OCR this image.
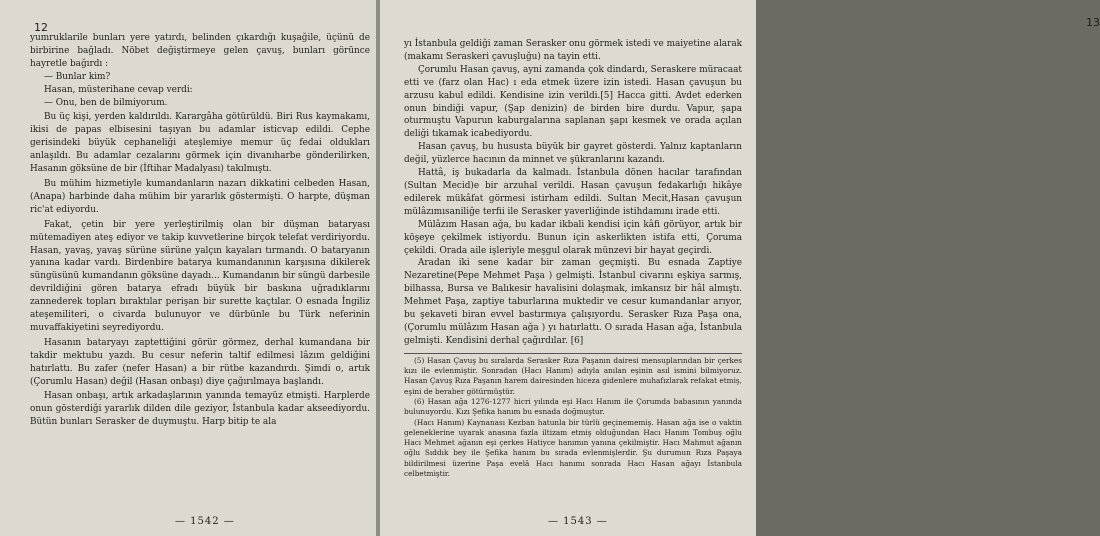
12

yumruklarile bunları yere yatırdı, belinden çıkardığı kuşağile, üçünü de birbirine bağladı. Nöbet değiştirmeye gelen çavuş, bunları görünce hayretle bağırdı :

— Bunlar kim?

Hasan, müsterihane cevap verdi:

— Onu, ben de bilmiyorum.

Bu üç kişi, yerden kaldırıldı. Karargâha götürüldü. Biri Rus kaymakamı, ikisi de papas elbisesini taşıyan bu adamlar isticvap edildi. Cephe gerisindeki büyük cephaneliği ateşlemiye memur üç fedai oldukları anlaşıldı. Bu adamlar cezalarını görmek için divanıharbe gönderilirken, Hasanın göksüne de bir (İftihar Madalyası) takılmıştı.

Bu mühim hizmetiyle kumandanların nazarı dikkatini celbeden Hasan, (Anapa) harbinde daha mühim bir yararlık göstermişti. O harpte, düşman ric'at ediyordu.

Fakat, çetin bir yere yerleştirilmiş olan bir düşman bataryası mütemadiyen ateş ediyor ve takip kuvvetlerine birçok telefat verdiriyordu. Hasan, yavaş, yavaş sürüne sürüne yalçın kayaları tırmandı. O bataryanın yanına kadar vardı. Birdenbire batarya kumandanının karşısına dikilerek süngüsünü kumandanın göksüne dayadı... Kumandanın bir süngü darbesile devrildiğini gören batarya efradı büyük bir baskına uğradıklarını zannederek topları bıraktılar perişan bir surette kaçtılar. O esnada İngiliz ateşemiliteri, o civarda bulunuyor ve dürbünle bu Türk neferinin muvaffakiyetini seyrediyordu.

Hasanın bataryayı zaptettiğini görür görmez, derhal kumandana bir takdir mektubu yazdı. Bu cesur neferin taltif edilmesi lâzım geldiğini hatırlattı. Bu zafer (nefer Hasan) a bir rütbe kazandırdı. Şimdi o, artık (Çorumlu Hasan) değil (Hasan onbaşı) diye çağırılmaya başlandı.

Hasan onbaşı, artık arkadaşlarının yanında temayüz etmişti. Harplerde onun gösterdiği yararlık dilden dile geziyor, İstanbula kadar akseediyordu. Bütün bunları Serasker de duymuştu. Harp bitip te ala

— 1542 —
13

yı İstanbula geldiği zaman Serasker onu görmek istedi ve maiyetine alarak (makamı Seraskeri çavuşluğu) na tayin etti.

Çorumlu Hasan çavuş, ayni zamanda çok dindardı, Seraskere müracaat etti ve (farz olan Hac) ı eda etmek üzere izin istedi. Hasan çavuşun bu arzusu kabul edildi. Kendisine izin verildi.[5] Hacca gitti. Avdet ederken onun bindiği vapur, (Şap denizin) de birden bire durdu. Vapur, şapa oturmuştu Vapurun kaburgalarına saplanan şapı kesmek ve orada açılan deliği tıkamak icabediyordu.

Hasan çavuş, bu hususta büyük bir gayret gösterdi. Yalnız kaptanların değil, yüzlerce hacının da minnet ve şükranlarını kazandı.

Hattâ, iş bukadarla da kalmadı. İstanbula dönen hacılar tarafından (Sultan Mecid)e bir arzuhal verildi. Hasan çavuşun fedakarlığı hikâye edilerek mükâfat görmesi istirham edildi. Sultan Mecit,Hasan çavuşun mülâzımısaniliğe terfii ile Serasker yaverliğinde istihdamını irade etti.

Mülâzım Hasan ağa, bu kadar ikbali kendisi için kâfi görüyor, artık bir köşeye çekilmek istiyordu. Bunun için askerlikten istifa etti, Çoruma çekildi. Orada aile işleriyle meşgul olarak münzevi bir hayat geçirdi.

Aradan iki sene kadar bir zaman geçmişti. Bu esnada Zaptiye Nezaretine(Pepe Mehmet Paşa ) gelmişti. İstanbul civarını eşkiya sarmış, bilhassa, Bursa ve Balıkesir havalisini dolaşmak, imkansız bir hâl almıştı. Mehmet Paşa, zaptiye taburlarına muktedir ve cesur kumandanlar arıyor, bu şekaveti biran evvel bastırmıya çalışıyordu. Serasker Rıza Paşa ona, (Çorumlu mülâzım Hasan ağa ) yı hatırlattı. O sırada Hasan ağa, İstanbula gelmişti. Kendisini derhal çağırdılar. [6]

(5) Hasan Çavuş bu sıralarda Serasker Rıza Paşanın dairesi mensuplarından bir çerkes kızı ile evlenmiştir. Sonradan (Hacı Hanım) adıyla anılan eşinin asıl ismini bilmiyoruz. Hasan Çavuş Rıza Paşanın harem dairesinden hiceza gidenlere muhafızlarak refakat etmiş, eşini de beraber götürmüştür.

(6) Hasan ağa 1276-1277 hicri yılında eşi Hacı Hanım ile Çorumda babasının yanında bulunuyordu. Kızı Şefika hanım bu esnada doğmuştur.

(Hacı Hanım) Kaynanası Kezban hatunla bir türlü geçinememiş. Hasan ağa ise o vaktin geleneklerine uyarak anasına fazla iltizam etmiş olduğundan Hacı Hanım Tombuş oğlu Hacı Mehmet ağanın eşi çerkes Hatiyce hanımın yanına çekilmiştir. Hacı Mahmut ağanın oğlu Sıddık bey ile Şefika hanım bu sırada evlenmişlerdir. Şu durumun Rıza Paşaya bildirilmesi üzerine Paşa evelâ Hacı hanımı sonrada Hacı Hasan ağayı İstanbula celbetmiştir.

— 1543 —
